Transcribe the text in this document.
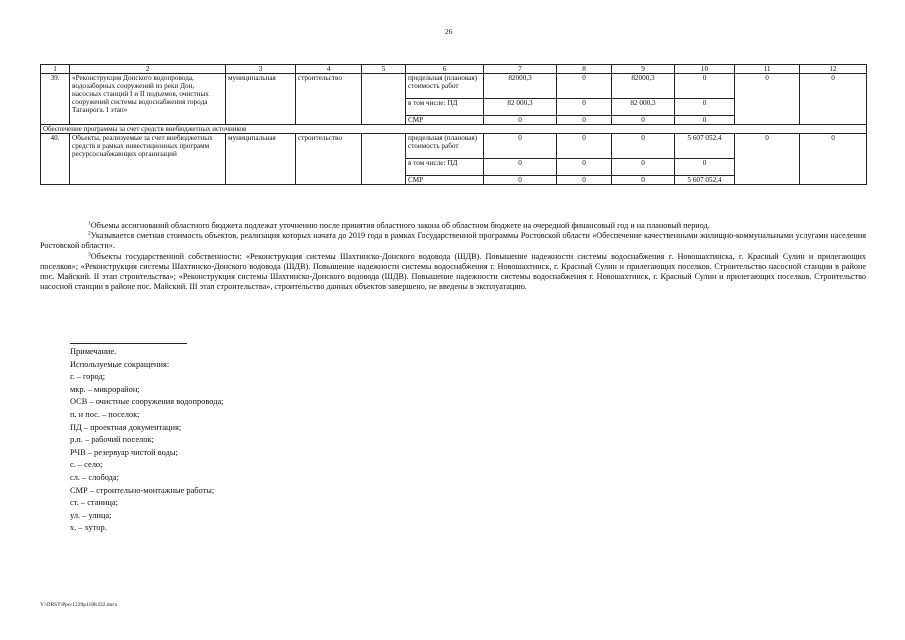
26
1	2	3	4	5	6	7	8	9	10	11	12
39.	«Реконструкция Донского водопровода, водозаборных сооружений из реки Дон, насосных станций I и II подъемов, очистных сооружений системы водоснабжения города Таганрога. I этап»	муниципальная	строительство		предельная (плановая) стоимость работ	82000,3	0	82000,3	0	0	0
					в том числе: ПД	82 000,3	0	82 000,3	0		
					СМР	0	0	0	0		
Обеспечение программы за счет средств внебюджетных источников											
40.	Объекты, реализуемые за счет внебюджетных средств в рамках инвестиционных программ ресурсоснабжающих организаций	муниципальная	строительство		предельная (плановая) стоимость работ	0	0	0	5 607 052,4	0	0
					в том числе: ПД	0	0	0	0		
					СМР	0	0	0	5 607 052,4		

$^1$Объемы ассигнований областного бюджета подлежат уточнению после принятия областного закона об областном бюджете на очередной финансовый год и на плановый период.

$^2$Указывается сметная стоимость объектов, реализация которых начата до 2019 года в рамках Государственной программы Ростовской области «Обеспечение качественными жилищно-коммунальными услугами населения Ростовской области».

$^3$Объекты государственной собственности: «Реконструкция системы Шахтинско-Донского водовода (ШДВ). Повышение надежности системы водоснабжения г. Новошахтинска, г. Красный Сулин и прилегающих поселков»; «Реконструкция системы Шахтинско-Донского водовода (ШДВ). Повышение надежности системы водоснабжения г. Новошахтинск, г. Красный Сулин и прилегающих поселков. Строительство насосной станции в районе пос. Майский. II этап строительства»; «Реконструкция системы Шахтинско-Донского водовода (ШДВ). Повышение надежности системы водоснабжения г. Новошахтинск, г. Красный Сулин и прилегающих поселков. Строительство насосной станции в районе пос. Майский. III этап строительства», строительство данных объектов завершено, не введены в эксплуатацию.

Примечание.
Используемые сокращения:
г. – город;
мкр. – микрорайон;
ОСВ – очистные сооружения водопровода;
п. и пос. – поселок;
ПД – проектная документация;
р.п. – рабочий поселок;
РЧВ – резервуар чистой воды;
с. – село;
сл. – слобода;
СМР – строительно-монтажные работы;
ст. – станица;
ул. – улица;
х. – хутор.
Y:\ORST\Ppo\1229p1188.f22.docx
